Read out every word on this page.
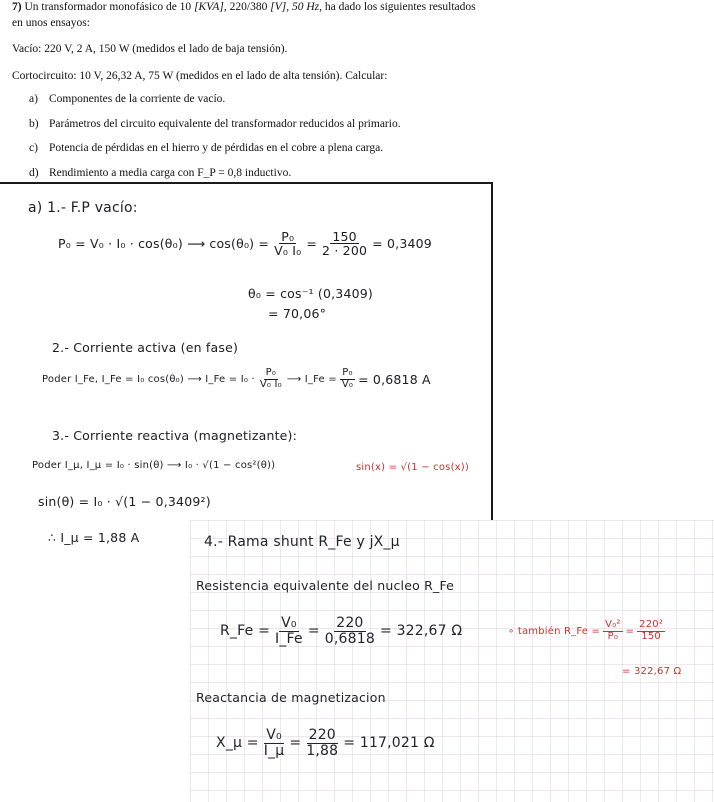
7) Un transformador monofásico de 10 [KVA], 220/380 [V], 50 Hz, ha dado los siguientes resultados
en unos ensayos:

Vacío: 220 V, 2 A, 150 W (medidos el lado de baja tensión).

Cortocircuito: 10 V, 26,32 A, 75 W (medidos en el lado de alta tensión). Calcular:

a) Componentes de la corriente de vacío.
b) Parámetros del circuito equivalente del transformador reducidos al primario.
c) Potencia de pérdidas en el hierro y de pérdidas en el cobre a plena carga.
d) Rendimiento a media carga con F_P = 0,8 inductivo.
a) 1.- F.P vacío:
P₀ = V₀ · I₀ · cos(θ₀) ⟶ $\cos(\theta_0) = \frac{\text{P₀}}{\text{V₀ I₀}} = \frac{150}{2 \cdot 200} = 0,3409$
θ₀ = cos⁻¹ (0,3409)
= 70,06°
2.- Corriente activa (en fase)
Poder I_Fe, I_Fe = I₀ cos(θ₀) ⟶ I_Fe = $I_0 \cdot \frac{\text{P₀}}{\text{V₀ I₀}}$ ⟶ I_Fe = $\frac{\text{P₀}}{\text{V₀}} = 0,6818$ A
3.- Corriente reactiva (magnetizante):
Poder I_μ, I_μ = I₀ · sin(θ) ⟶ I₀ · √(1 − cos²(θ))	sin(x) = √(1 − cos(x))
sin(θ) = I₀ · √(1 − 0,3409²)
∴ I_μ = 1,88 A	4.- Rama shunt R_Fe y jX_μ
Resistencia equivalente del nucleo R_Fe
R_Fe = $\frac{\text{V₀}}{I\_Fe} = \frac{220}{0,6818} = 322,67$ Ω	∘ también R_Fe = $\frac{\text{V₀²}}{\text{P₀}} = \frac{\text{220²}}{150}$
= 322,67 Ω
Reactancia de magnetizacion
X_μ = $\frac{\text{V₀}}{I\_\mu} = \frac{220}{1,88} = 117,021$ Ω
